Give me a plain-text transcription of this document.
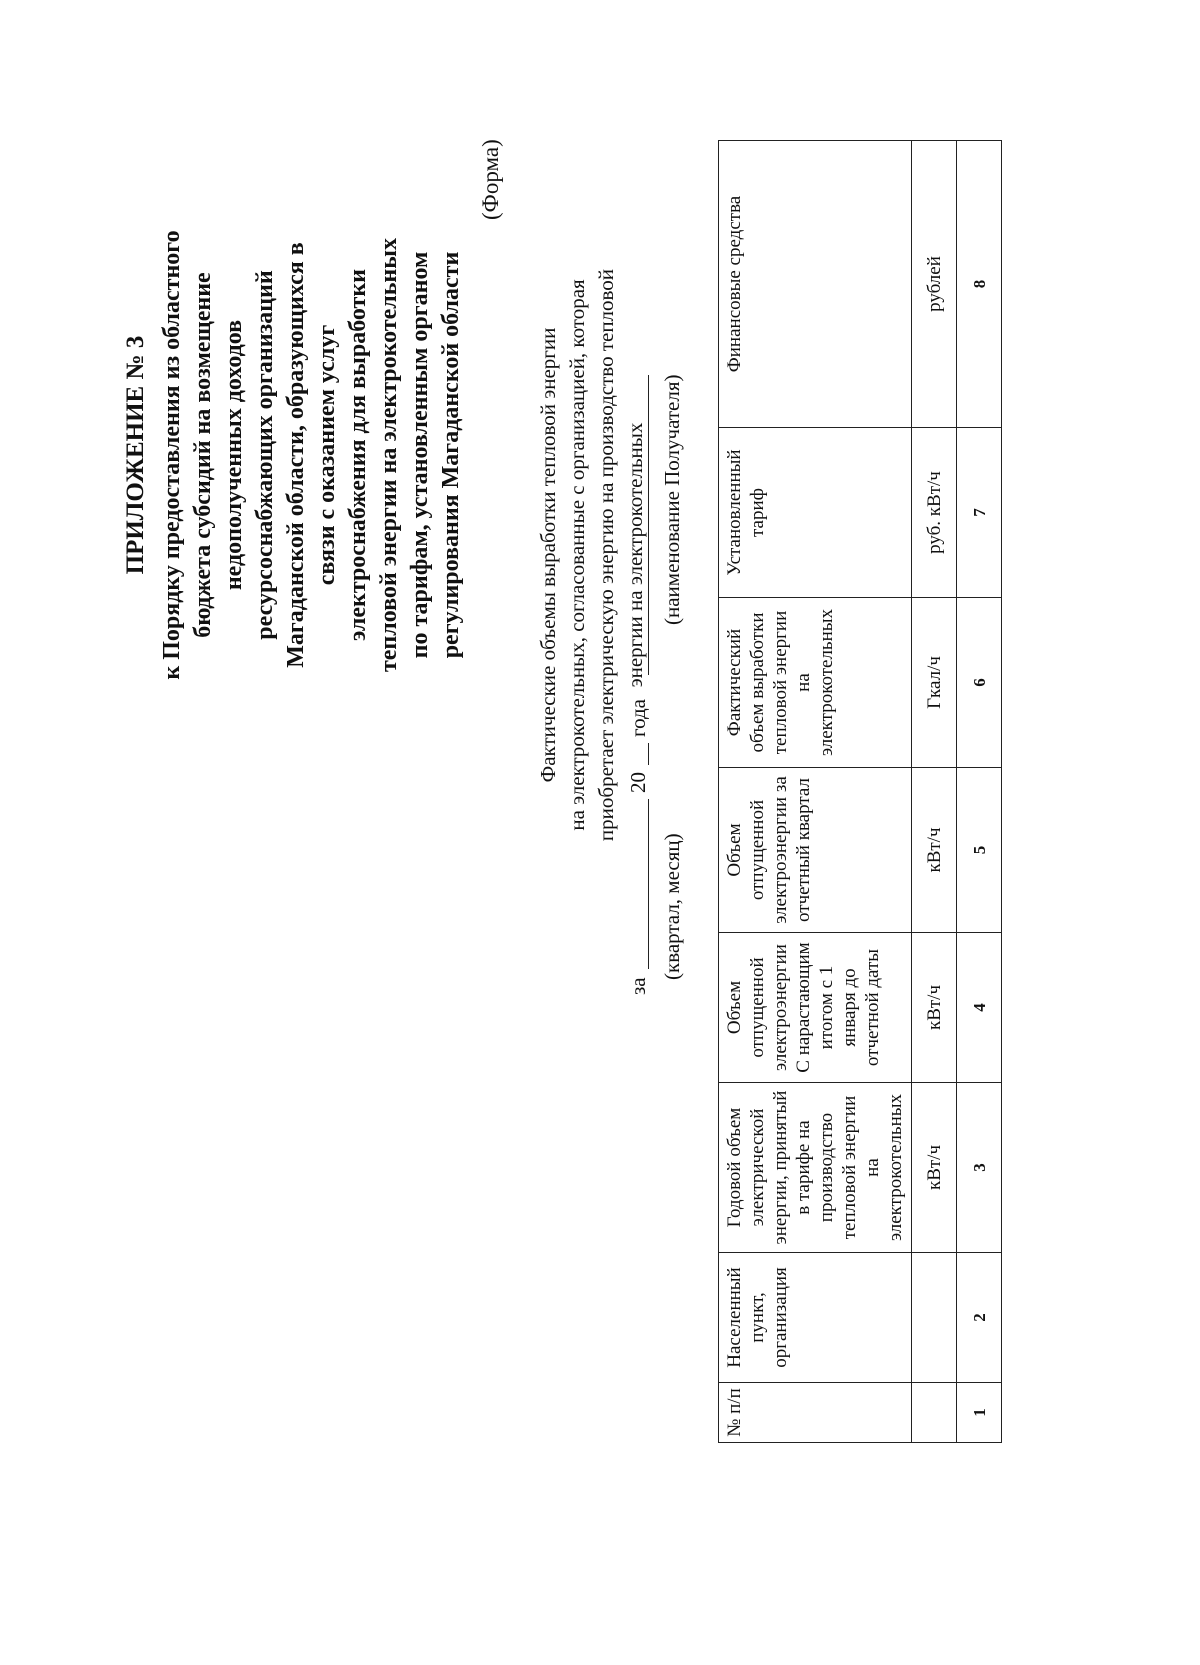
ПРИЛОЖЕНИЕ № 3 к Порядку предоставления из областного бюджета субсидий на возмещение недополученных доходов ресурсоснабжающих организаций Магаданской области, образующихся в связи с оказанием услуг электроснабжения для выработки тепловой энергии на электрокотельных по тарифам, установленным органом регулирования Магаданской области
(Форма)
Фактические объемы выработки тепловой энергии на электрокотельных, согласованные с организацией, которая приобретает электрическую энергию на производство тепловой энергии на электрокотельных
за
20
года
(квартал, месяц)
(наименование Получателя)
№ п/п	Населенный пункт, организация	Годовой объем электрической энергии, принятый в тарифе на производство тепловой энергии на электрокотельных	Объем отпущенной электроэнергии С нарастающим итогом с 1 января до отчетной даты	Объем отпущенной электроэнергии за отчетный квартал	Фактический объем выработки тепловой энергии на электрокотельных	Установленный тариф	Финансовые средства
		кВт/ч	кВт/ч	кВт/ч	Гкал/ч	руб. кВт/ч	рублей
1	2	3	4	5	6	7	8
